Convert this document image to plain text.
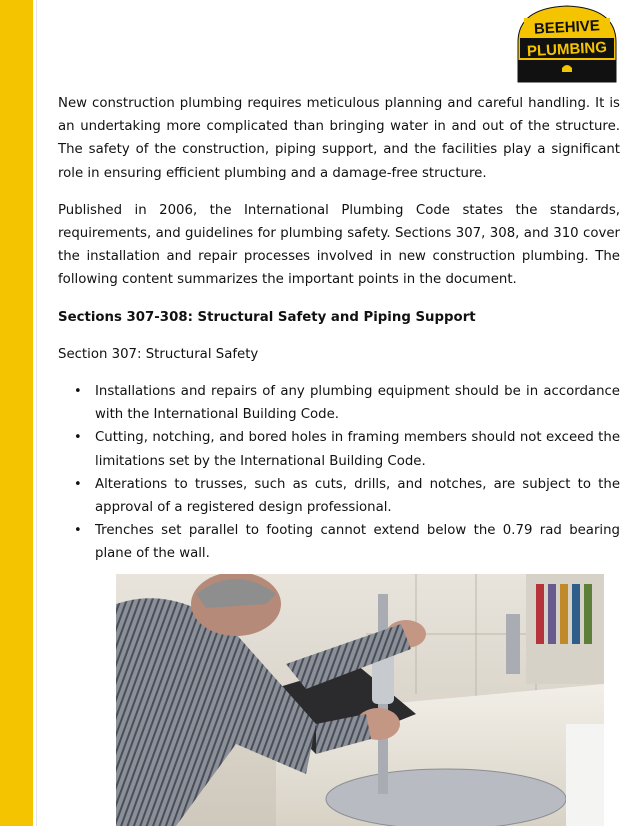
BEEHIVE
PLUMBING

New construction plumbing requires meticulous planning and careful handling. It is an undertaking more complicated than bringing water in and out of the structure. The safety of the construction, piping support, and the facilities play a significant role in ensuring efficient plumbing and a damage-free structure.

Published in 2006, the International Plumbing Code states the standards, requirements, and guidelines for plumbing safety. Sections 307, 308, and 310 cover the installation and repair processes involved in new construction plumbing. The following content summarizes the important points in the document.

Sections 307-308: Structural Safety and Piping Support

Section 307: Structural Safety

• Installations and repairs of any plumbing equipment should be in accordance with the International Building Code.
• Cutting, notching, and bored holes in framing members should not exceed the limitations set by the International Building Code.
• Alterations to trusses, such as cuts, drills, and notches, are subject to the approval of a registered design professional.
• Trenches set parallel to footing cannot extend below the 0.79 rad bearing plane of the wall.
